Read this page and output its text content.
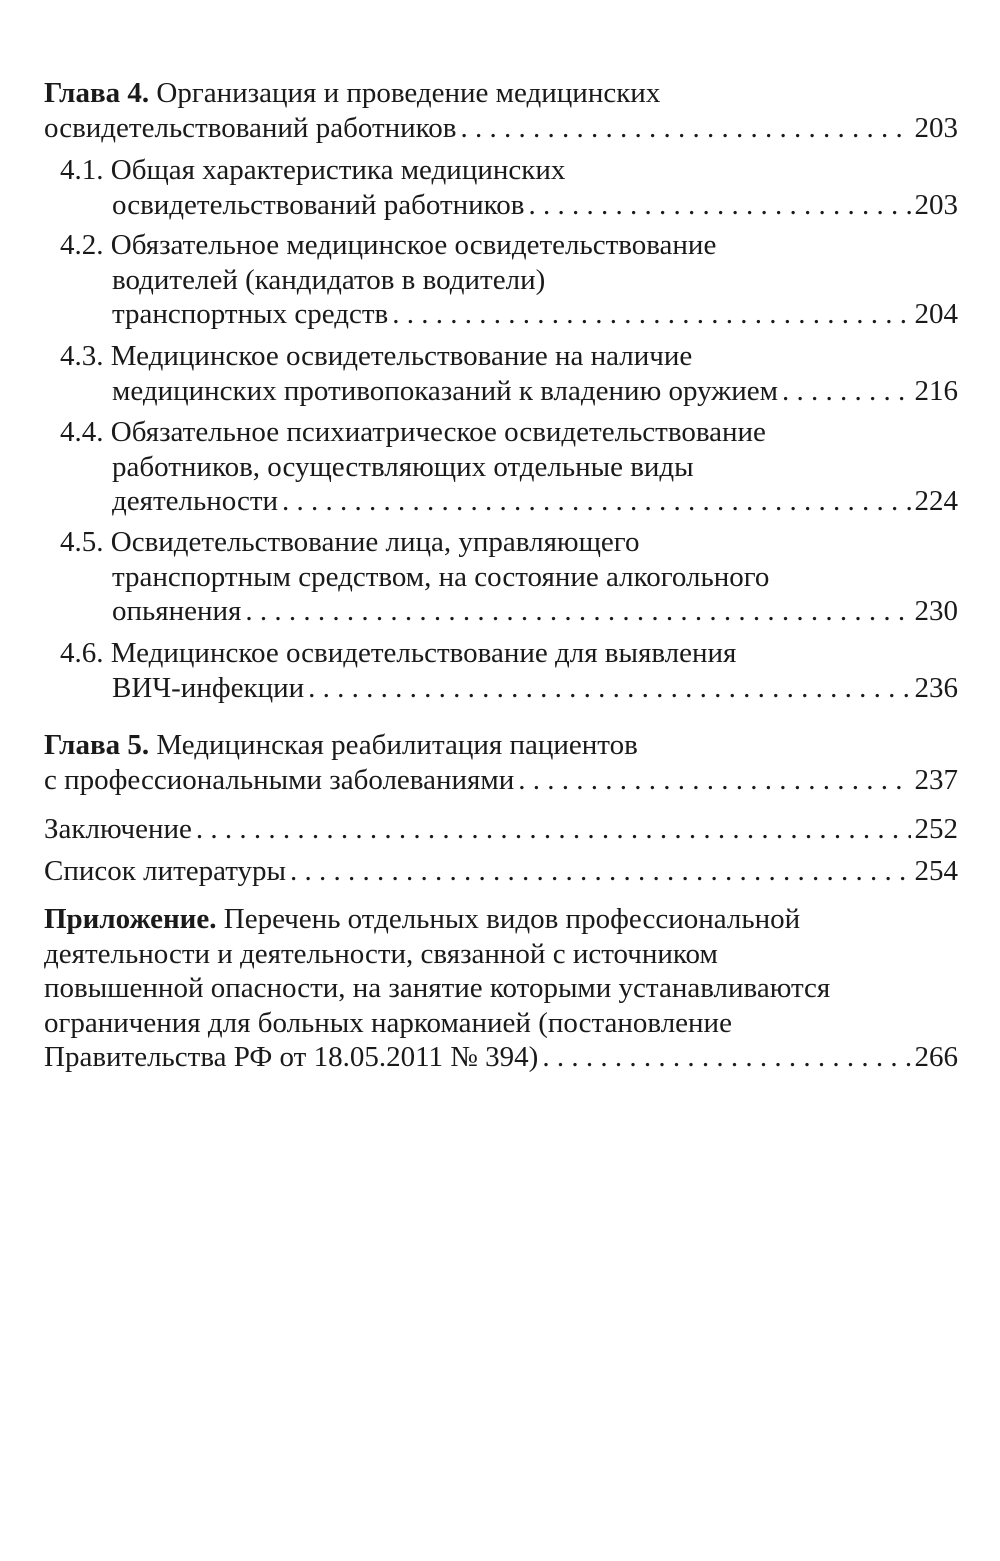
Глава 4. Организация и проведение медицинских
освидетельствований работников . . .	203
4.1. Общая характеристика медицинских
освидетельствований работников . . .	203
4.2. Обязательное медицинское освидетельствование
водителей (кандидатов в водители)
транспортных средств . . .	204
4.3. Медицинское освидетельствование на наличие
медицинских противопоказаний к владению оружием . . .	216
4.4. Обязательное психиатрическое освидетельствование
работников, осуществляющих отдельные виды
деятельности . . .	224
4.5. Освидетельствование лица, управляющего
транспортным средством, на состояние алкогольного
опьянения . . .	230
4.6. Медицинское освидетельствование для выявления
ВИЧ-инфекции . . .	236
Глава 5. Медицинская реабилитация пациентов
с профессиональными заболеваниями . . .	237
Заключение . . .	252
Список литературы . . .	254
Приложение. Перечень отдельных видов профессиональной
деятельности и деятельности, связанной с источником
повышенной опасности, на занятие которыми устанавливаются
ограничения для больных наркоманией (постановление
Правительства РФ от 18.05.2011 № 394) . . .	266
